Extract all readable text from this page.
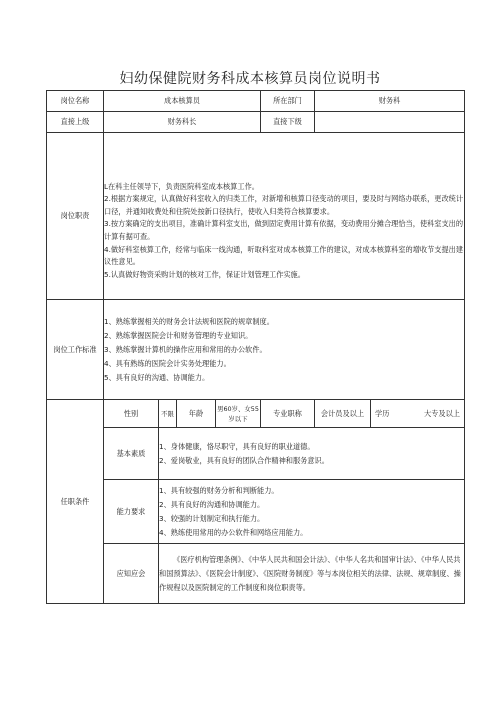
妇幼保健院财务科成本核算员岗位说明书
岗位名称	成本核算员				所在部门	财务科	
直接上级	财务科长				直接下级		
岗位职责	L在科主任领导下，负责医院科室成本核算工作。
2.根据方案规定，认真做好科室收入的归类工作，对新增和核算口径变动的项目，要及时与网络办联系，更改统计口径，并通知收费处和住院处按新口径执行，使收入归类符合核算要求。
3.按方案确定的支出项目，准确计算科室支出，做到固定费用计算有依据，变动费用分摊合理恰当，使科室支出的计算有据可查。
4.做好科室核算工作，经常与临床一线沟通，听取科室对成本核算工作的建议，对成本核算科室的增收节支提出建议性意见。
5.认真做好物资采购计划的核对工作，保证计划管理工作实施。						

岗位工作标准	1、熟练掌握相关的财务会计法规和医院的规章制度。
2、熟练掌握医院会计和财务管理的专业知识。
3、熟练掌握计算机的操作应用和常用的办公软件。
4、具有熟练的医院会计实务处理能力。
5、具有良好的沟通、协调能力。						

任职条件	性别	不限	年龄	男60岁、女55岁以下	专业职称	会计员及以上	学历 大专及以上
	基本素质	1、身体健康，恪尽职守，具有良好的职业道德。
2、爱岗敬业，具有良好的团队合作精神和服务意识。					

	能力要求	1、具有较强的财务分析和判断能力。
2、具有良好的沟通和协调能力。
3、较强的计划制定和执行能力。
4、熟练使用常用的办公软件和网络应用能力。					

	应知应会	《医疗机构管理条例》、《中华人民共和国会计法》、《中华人名共和国审计法》、《中华人民共和国预算法》、《医院会计制度》、《医院财务制度》等与本岗位相关的法律、法规、规章制度、操作规程以及医院制定的工作制度和岗位职责等。					
